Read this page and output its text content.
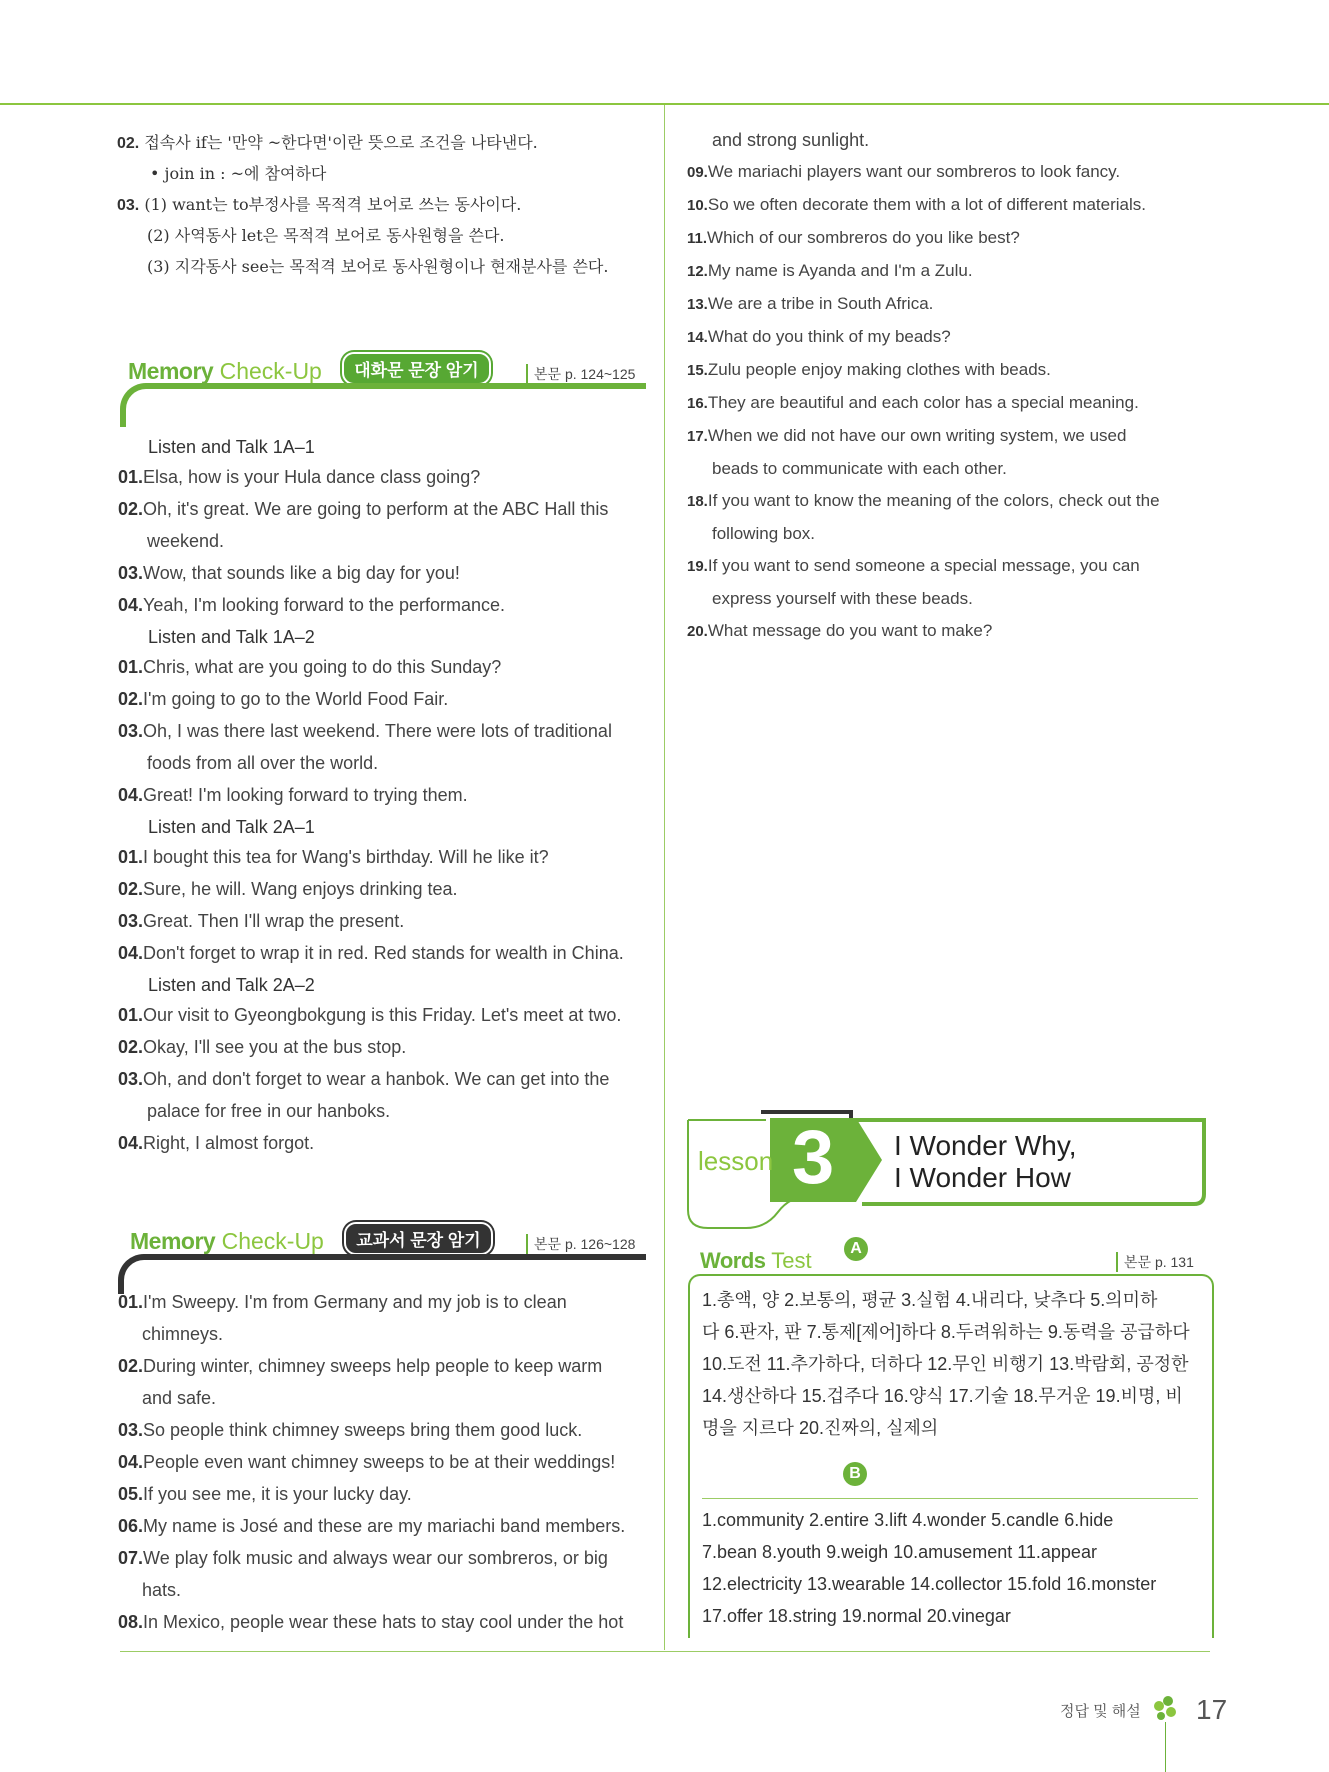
02. 접속사 if는 '만약 ~한다면'이란 뜻으로 조건을 나타낸다.
• join in : ~에 참여하다
03. (1) want는 to부정사를 목적격 보어로 쓰는 동사이다.
(2) 사역동사 let은 목적격 보어로 동사원형을 쓴다.
(3) 지각동사 see는 목적격 보어로 동사원형이나 현재분사를 쓴다.
Memory Check-Up 대화문 문장 암기	본문 p. 124~125
Listen and Talk 1A–1
01.Elsa, how is your Hula dance class going?
02.Oh, it's great. We are going to perform at the ABC Hall this
weekend.
03.Wow, that sounds like a big day for you!
04.Yeah, I'm looking forward to the performance.
Listen and Talk 1A–2
01.Chris, what are you going to do this Sunday?
02.I'm going to go to the World Food Fair.
03.Oh, I was there last weekend. There were lots of traditional
foods from all over the world.
04.Great! I'm looking forward to trying them.
Listen and Talk 2A–1
01.I bought this tea for Wang's birthday. Will he like it?
02.Sure, he will. Wang enjoys drinking tea.
03.Great. Then I'll wrap the present.
04.Don't forget to wrap it in red. Red stands for wealth in China.
Listen and Talk 2A–2
01.Our visit to Gyeongbokgung is this Friday. Let's meet at two.
02.Okay, I'll see you at the bus stop.
03.Oh, and don't forget to wear a hanbok. We can get into the
palace for free in our hanboks.
04.Right, I almost forgot.
Memory Check-Up 교과서 문장 암기	본문 p. 126~128
01.I'm Sweepy. I'm from Germany and my job is to clean
chimneys.
02.During winter, chimney sweeps help people to keep warm
and safe.
03.So people think chimney sweeps bring them good luck.
04.People even want chimney sweeps to be at their weddings!
05.If you see me, it is your lucky day.
06.My name is José and these are my mariachi band members.
07.We play folk music and always wear our sombreros, or big
hats.
08.In Mexico, people wear these hats to stay cool under the hot
and strong sunlight.
09.We mariachi players want our sombreros to look fancy.
10.So we often decorate them with a lot of different materials.
11.Which of our sombreros do you like best?
12.My name is Ayanda and I'm a Zulu.
13.We are a tribe in South Africa.
14.What do you think of my beads?
15.Zulu people enjoy making clothes with beads.
16.They are beautiful and each color has a special meaning.
17.When we did not have our own writing system, we used
beads to communicate with each other.
18.If you want to know the meaning of the colors, check out the
following box.
19.If you want to send someone a special message, you can
express yourself with these beads.
20.What message do you want to make?
lesson 3 I Wonder Why,
I Wonder How
Words Test	A
본문 p. 131
1.총액, 양 2.보통의, 평균 3.실험 4.내리다, 낮추다 5.의미하
다 6.판자, 판 7.통제[제어]하다 8.두려워하는 9.동력을 공급하다
10.도전 11.추가하다, 더하다 12.무인 비행기 13.박람회, 공정한
14.생산하다 15.겁주다 16.양식 17.기술 18.무거운 19.비명, 비
명을 지르다 20.진짜의, 실제의
B
1.community 2.entire 3.lift 4.wonder 5.candle 6.hide
7.bean 8.youth 9.weigh 10.amusement 11.appear
12.electricity 13.wearable 14.collector 15.fold 16.monster
17.offer 18.string 19.normal 20.vinegar
정답 및 해설 17
